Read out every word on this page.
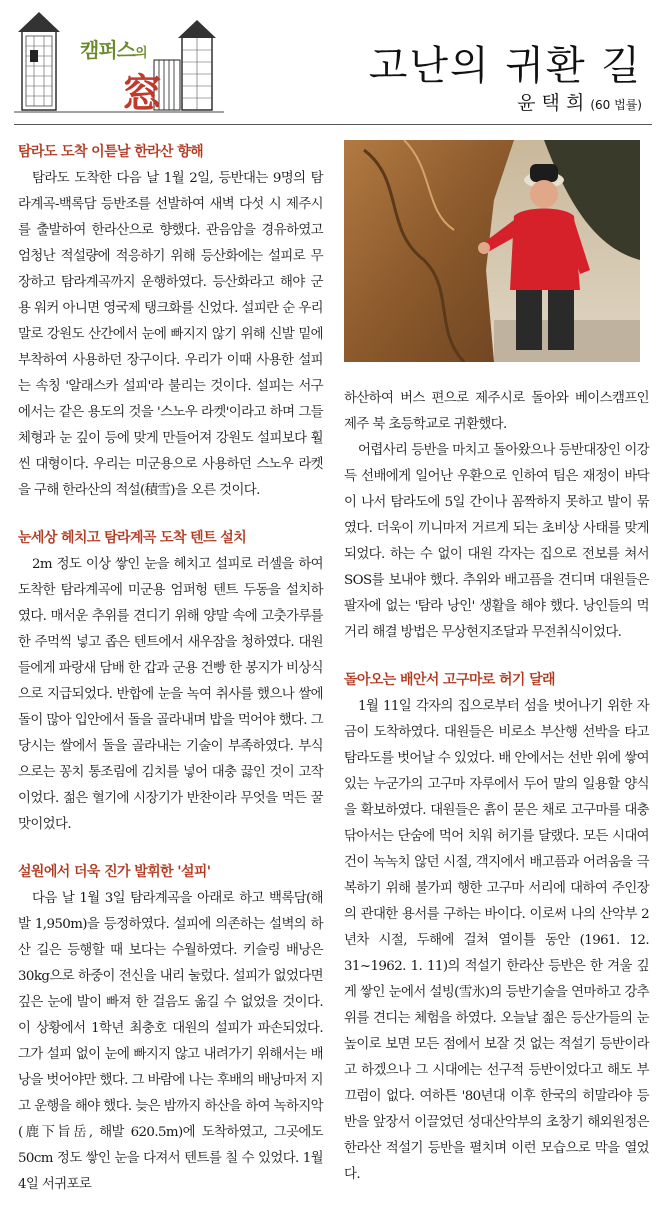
캠퍼스의
窓
고난의 귀환 길
윤 택 희 (60 법률)
탐라도 도착 이튿날 한라산 향해

탐라도 도착한 다음 날 1월 2일, 등반대는 9명의 탐라계곡-백록담 등반조를 선발하여 새벽 다섯 시 제주시를 출발하여 한라산으로 향했다. 관음암을 경유하였고 엄청난 적설량에 적응하기 위해 등산화에는 설피로 무장하고 탐라계곡까지 운행하였다. 등산화라고 해야 군용 워커 아니면 영국제 탱크화를 신었다. 설피란 순 우리말로 강원도 산간에서 눈에 빠지지 않기 위해 신발 밑에 부착하여 사용하던 장구이다. 우리가 이때 사용한 설피는 속칭 '알래스카 설피'라 불리는 것이다. 설피는 서구에서는 같은 용도의 것을 '스노우 라켓'이라고 하며 그들 체형과 눈 깊이 등에 맞게 만들어져 강원도 설피보다 훨씬 대형이다. 우리는 미군용으로 사용하던 스노우 라켓을 구해 한라산의 적설(積雪)을 오른 것이다.

눈세상 헤치고 탐라계곡 도착 텐트 설치

2m 정도 이상 쌓인 눈을 헤치고 설피로 러셀을 하여 도착한 탐라계곡에 미군용 엄퍼헝 텐트 두동을 설치하였다. 매서운 추위를 견디기 위해 양말 속에 고춧가루를 한 주먹씩 넣고 좁은 텐트에서 새우잠을 청하였다. 대원들에게 파랑새 담배 한 갑과 군용 건빵 한 봉지가 비상식으로 지급되었다. 반합에 눈을 녹여 취사를 했으나 쌀에 돌이 많아 입안에서 돌을 골라내며 밥을 먹어야 했다. 그 당시는 쌀에서 돌을 골라내는 기술이 부족하였다. 부식으로는 꽁치 통조림에 김치를 넣어 대충 끓인 것이 고작이었다. 젊은 혈기에 시장기가 반찬이라 무엇을 먹든 꿀맛이었다.

설원에서 더욱 진가 발휘한 '설피'

다음 날 1월 3일 탐라계곡을 아래로 하고 백록담(해발 1,950m)을 등정하였다. 설피에 의존하는 설벽의 하산 길은 등행할 때 보다는 수월하였다. 키슬링 배낭은 30kg으로 하중이 전신을 내리 눌렀다. 설피가 없었다면 깊은 눈에 발이 빠져 한 걸음도 옮길 수 없었을 것이다. 이 상황에서 1학년 최충호 대원의 설피가 파손되었다. 그가 설피 없이 눈에 빠지지 않고 내려가기 위해서는 배낭을 벗어야만 했다. 그 바람에 나는 후배의 배낭마저 지고 운행을 해야 했다. 늦은 밤까지 하산을 하여 녹하지악(鹿下旨岳, 해발 620.5m)에 도착하였고, 그곳에도 50cm 정도 쌓인 눈을 다져서 텐트를 칠 수 있었다. 1월 4일 서귀포로

하산하여 버스 편으로 제주시로 돌아와 베이스캠프인 제주 북 초등학교로 귀환했다.

어렵사리 등반을 마치고 돌아왔으나 등반대장인 이강득 선배에게 일어난 우환으로 인하여 팀은 재정이 바닥이 나서 탐라도에 5일 간이나 꼼짝하지 못하고 발이 묶였다. 더욱이 끼니마저 거르게 되는 초비상 사태를 맞게 되었다. 하는 수 없이 대원 각자는 집으로 전보를 쳐서 SOS를 보내야 했다. 추위와 배고픔을 견디며 대원들은 팔자에 없는 '탐라 낭인' 생활을 해야 했다. 낭인들의 먹거리 해결 방법은 무상현지조달과 무전취식이었다.

돌아오는 배안서 고구마로 허기 달래

1월 11일 각자의 집으로부터 섬을 벗어나기 위한 자금이 도착하였다. 대원들은 비로소 부산행 선박을 타고 탐라도를 벗어날 수 있었다. 배 안에서는 선반 위에 쌓여 있는 누군가의 고구마 자루에서 두어 말의 일용할 양식을 확보하였다. 대원들은 흙이 묻은 채로 고구마를 대충 닦아서는 단숨에 먹어 치워 허기를 달랬다. 모든 시대여건이 녹녹치 않던 시절, 객지에서 배고픔과 어려움을 극복하기 위해 불가피 행한 고구마 서리에 대하여 주인장의 관대한 용서를 구하는 바이다. 이로써 나의 산악부 2년차 시절, 두해에 걸쳐 열이틀 동안 (1961. 12. 31~1962. 1. 11)의 적설기 한라산 등반은 한 겨울 깊게 쌓인 눈에서 설빙(雪氷)의 등반기술을 연마하고 강추위를 견디는 체험을 하였다. 오늘날 젊은 등산가들의 눈높이로 보면 모든 점에서 보잘 것 없는 적설기 등반이라고 하겠으나 그 시대에는 선구적 등반이었다고 해도 부끄럼이 없다. 여하튼 '80년대 이후 한국의 히말라야 등반을 앞장서 이끌었던 성대산악부의 초창기 해외원정은 한라산 적설기 등반을 펼치며 이런 모습으로 막을 열었다.
